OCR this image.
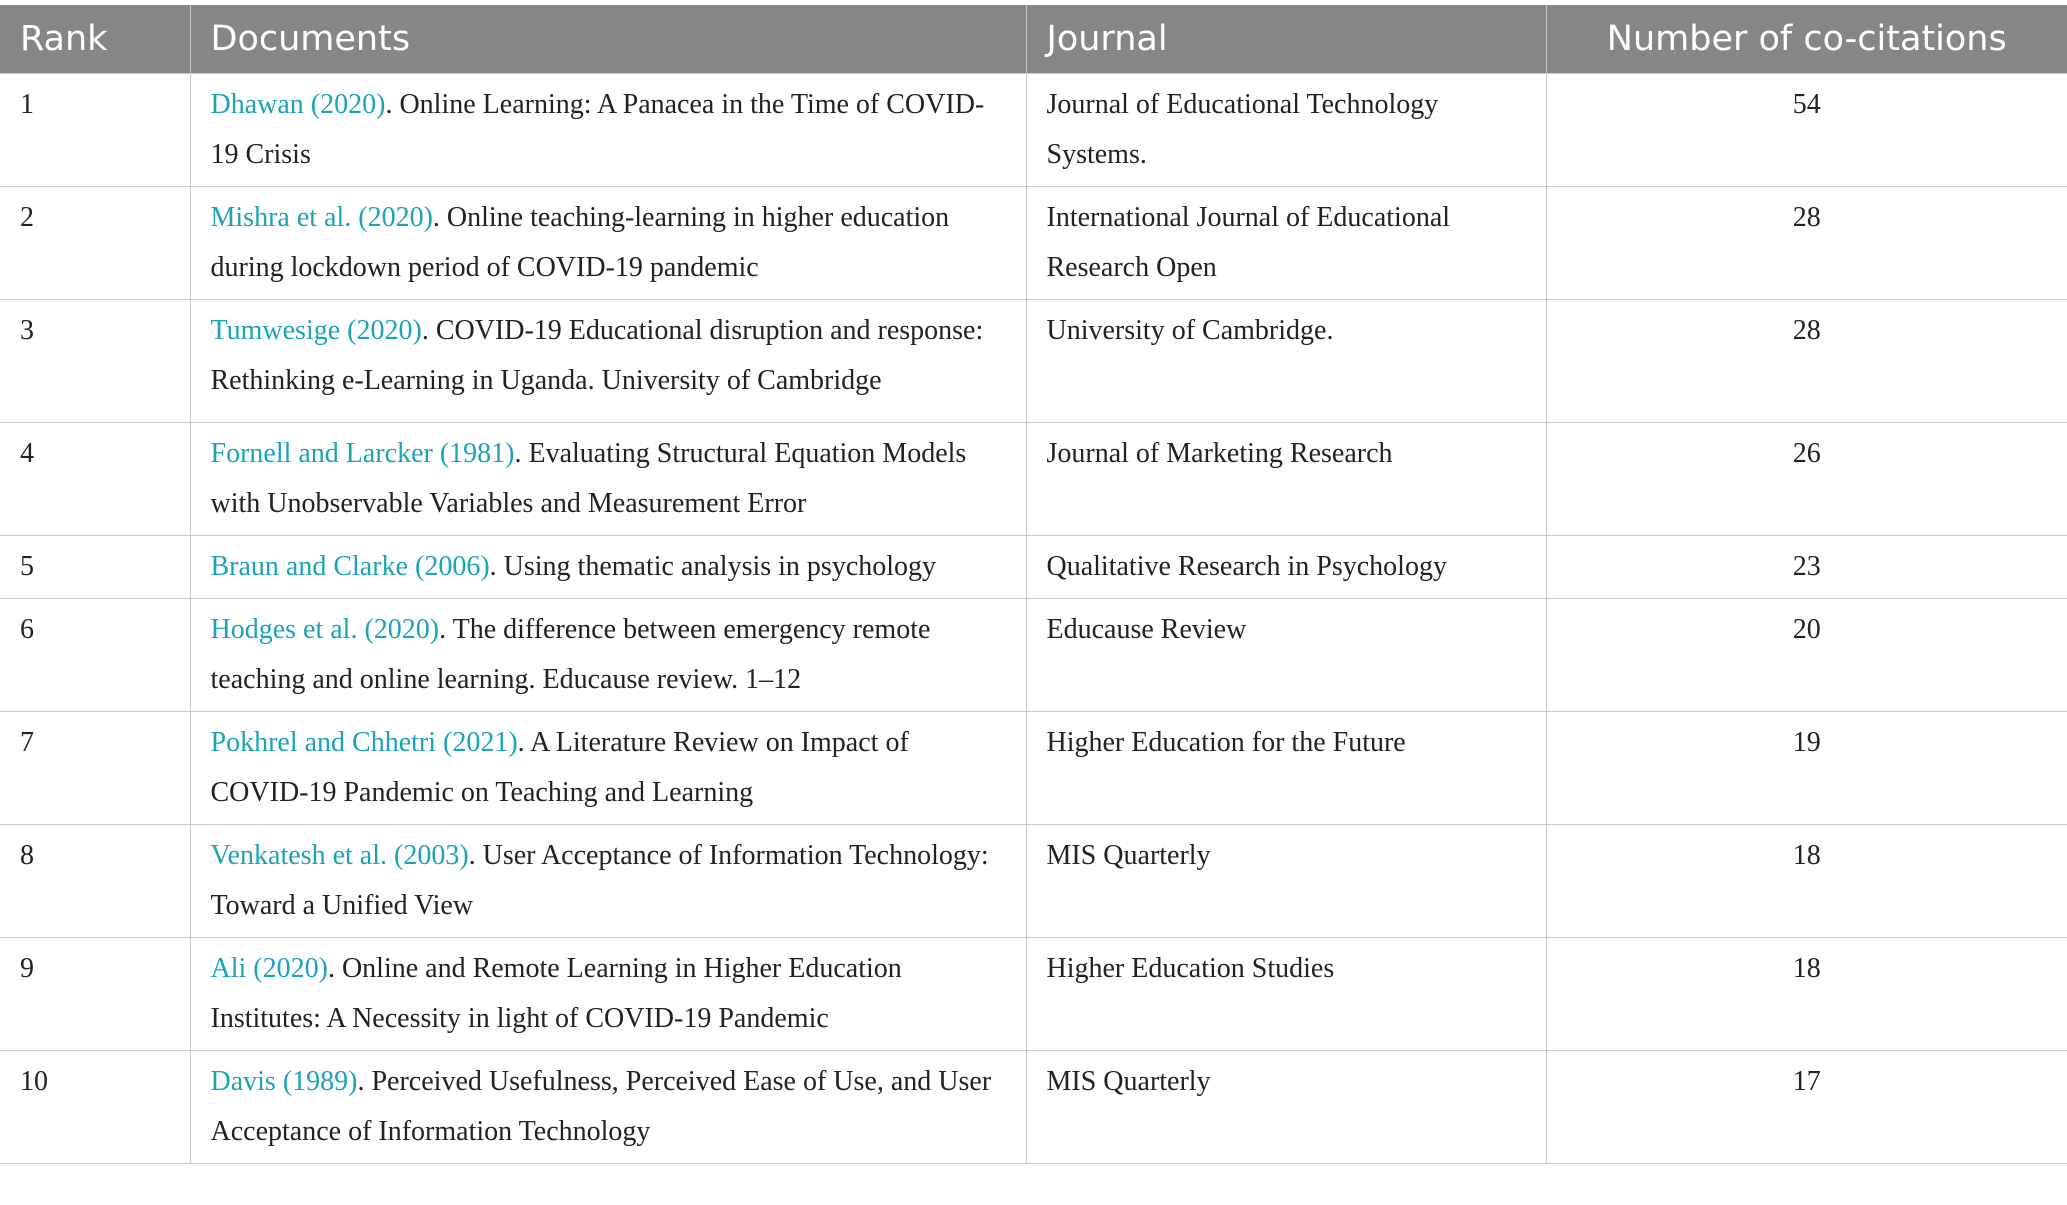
Rank	Documents	Journal	Number of co-citations
1	Dhawan (2020). Online Learning: A Panacea in the Time of COVID-19 Crisis	Journal of Educational Technology Systems.	54
2	Mishra et al. (2020). Online teaching-learning in higher education during lockdown period of COVID-19 pandemic	International Journal of Educational Research Open	28
3	Tumwesige (2020). COVID-19 Educational disruption and response: Rethinking e-Learning in Uganda. University of Cambridge	University of Cambridge.	28
4	Fornell and Larcker (1981). Evaluating Structural Equation Models with Unobservable Variables and Measurement Error	Journal of Marketing Research	26
5	Braun and Clarke (2006). Using thematic analysis in psychology	Qualitative Research in Psychology	23
6	Hodges et al. (2020). The difference between emergency remote teaching and online learning. Educause review. 1–12	Educause Review	20
7	Pokhrel and Chhetri (2021). A Literature Review on Impact of COVID-19 Pandemic on Teaching and Learning	Higher Education for the Future	19
8	Venkatesh et al. (2003). User Acceptance of Information Technology: Toward a Unified View	MIS Quarterly	18
9	Ali (2020). Online and Remote Learning in Higher Education Institutes: A Necessity in light of COVID-19 Pandemic	Higher Education Studies	18
10	Davis (1989). Perceived Usefulness, Perceived Ease of Use, and User Acceptance of Information Technology	MIS Quarterly	17
